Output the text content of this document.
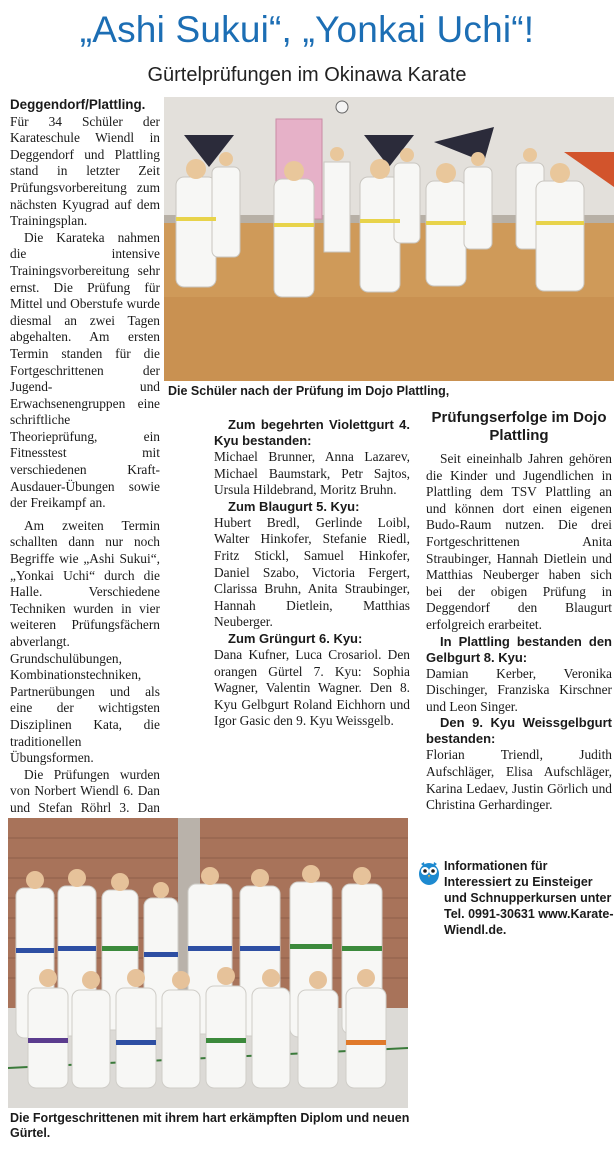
„Ashi Sukui“, „Yonkai Uchi“!
Gürtelprüfungen im Okinawa Karate

Deggendorf/Plattling. Für 34 Schüler der Karateschule Wiendl in Deggendorf und Plattling stand in letzter Zeit Prüfungsvorbereitung zum nächsten Kyugrad auf dem Trainingsplan.

Die Karateka nahmen die intensive Trainingsvorbereitung sehr ernst. Die Prüfung für Mittel und Oberstufe wurde diesmal an zwei Tagen abgehalten. Am ersten Termin standen für die Fortgeschrittenen der Jugend- und Erwachsenengruppen eine schriftliche Theorieprüfung, ein Fitnesstest mit verschiedenen Kraft-Ausdauer-Übungen sowie der Freikampf an.

Am zweiten Termin schallten dann nur noch Begriffe wie „Ashi Sukui“, „Yonkai Uchi“ durch die Halle. Verschiedene Techniken wurden in vier weiteren Prüfungsfächern abverlangt. Grundschulübungen, Kombinationstechniken, Partnerübungen und als eine der wichtigsten Disziplinen Kata, die traditionellen Übungsformen.

Die Prüfungen wurden von Norbert Wiendl 6. Dan und Stefan Röhrl 3. Dan

Die Schüler nach der Prüfung im Dojo Plattling,

Zum begehrten Violettgurt 4. Kyu bestanden:

Michael Brunner, Anna Lazarev, Michael Baumstark, Petr Sajtos, Ursula Hildebrand, Moritz Bruhn.

Zum Blaugurt 5. Kyu:

Hubert Bredl, Gerlinde Loibl, Walter Hinkofer, Stefanie Riedl, Fritz Stickl, Samuel Hinkofer, Daniel Szabo, Victoria Fergert, Clarissa Bruhn, Anita Straubinger, Hannah Dietlein, Matthias Neuberger.

Zum Grüngurt 6. Kyu:

Dana Kufner, Luca Crosariol. Den orangen Gürtel 7. Kyu: Sophia Wagner, Valentin Wagner. Den 8. Kyu Gelbgurt Roland Eichhorn und Igor Gasic den 9. Kyu Weissgelb.

Prüfungserfolge im Dojo Plattling

Seit eineinhalb Jahren gehören die Kinder und Jugendlichen in Plattling dem TSV Plattling an und können dort einen eigenen Budo-Raum nutzen. Die drei Fortgeschrittenen Anita Straubinger, Hannah Dietlein und Matthias Neuberger haben sich bei der obigen Prüfung in Deggendorf den Blaugurt erfolgreich erarbeitet.

In Plattling bestanden den Gelbgurt 8. Kyu:

Damian Kerber, Veronika Dischinger, Franziska Kirschner und Leon Singer.

Den 9. Kyu Weissgelbgurt bestanden:

Florian Triendl, Judith Aufschläger, Elisa Aufschläger, Karina Ledaev, Justin Görlich und Christina Gerhardinger.

Die Fortgeschrittenen mit ihrem hart erkämpften Diplom und neuen Gürtel.
Informationen für Interessiert zu Einsteiger und Schnupperkursen unter Tel. 0991-30631 www.Karate-Wiendl.de.
